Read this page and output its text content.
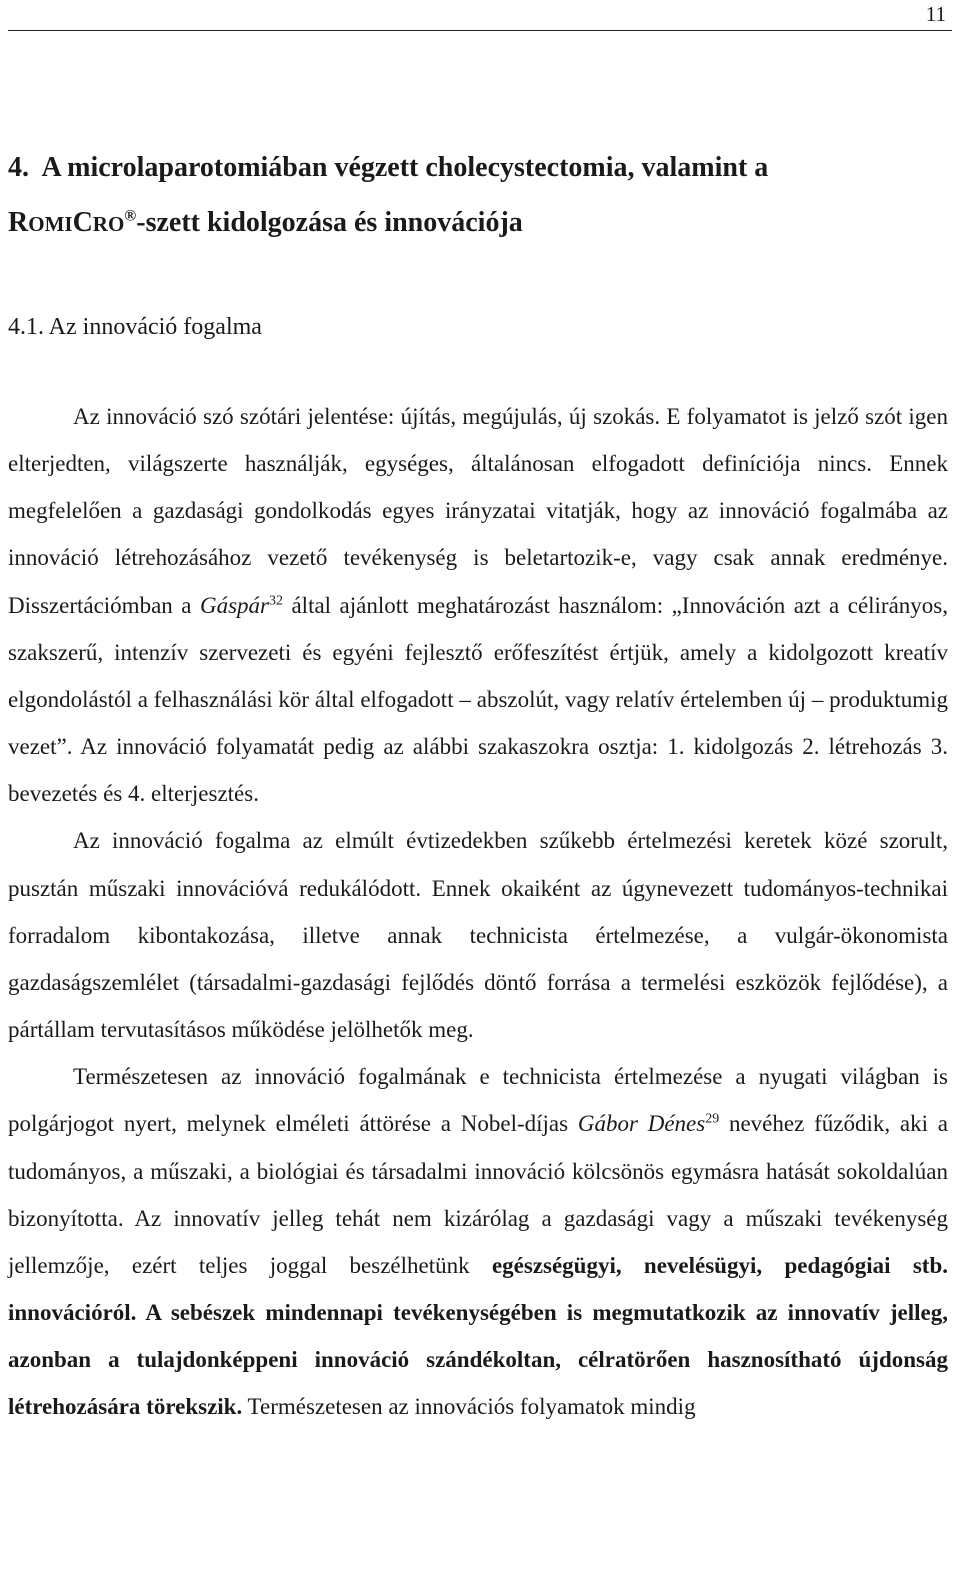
11
4. A microlaparotomiában végzett cholecystectomia, valamint a
ROMICRO®-szett kidolgozása és innovációja
4.1. Az innováció fogalma

Az innováció szó szótári jelentése: újítás, megújulás, új szokás. E folyamatot is jelző szót igen elterjedten, világszerte használják, egységes, általánosan elfogadott definíciója nincs. Ennek megfelelően a gazdasági gondolkodás egyes irányzatai vitatják, hogy az innováció fogalmába az innováció létrehozásához vezető tevékenység is beletartozik-e, vagy csak annak eredménye. Disszertációmban a Gáspár$^{32}$ által ajánlott meghatározást használom: „Innováción azt a célirányos, szakszerű, intenzív szervezeti és egyéni fejlesztő erőfeszítést értjük, amely a kidolgozott kreatív elgondolástól a felhasználási kör által elfogadott – abszolút, vagy relatív értelemben új – produktumig vezet”. Az innováció folyamatát pedig az alábbi szakaszokra osztja: 1. kidolgozás 2. létrehozás 3. bevezetés és 4. elterjesztés.

Az innováció fogalma az elmúlt évtizedekben szűkebb értelmezési keretek közé szorult, pusztán műszaki innovációvá redukálódott. Ennek okaiként az úgynevezett tudományos-technikai forradalom kibontakozása, illetve annak technicista értelmezése, a vulgár-ökonomista gazdaságszemlélet (társadalmi-gazdasági fejlődés döntő forrása a termelési eszközök fejlődése), a pártállam tervutasításos működése jelölhetők meg.

Természetesen az innováció fogalmának e technicista értelmezése a nyugati világban is polgárjogot nyert, melynek elméleti áttörése a Nobel-díjas Gábor Dénes$^{29}$ nevéhez fűződik, aki a tudományos, a műszaki, a biológiai és társadalmi innováció kölcsönös egymásra hatását sokoldalúan bizonyította. Az innovatív jelleg tehát nem kizárólag a gazdasági vagy a műszaki tevékenység jellemzője, ezért teljes joggal beszélhetünk egészségügyi, nevelésügyi, pedagógiai stb. innovációról. A sebészek mindennapi tevékenységében is megmutatkozik az innovatív jelleg, azonban a tulajdonképpeni innováció szándékoltan, célratörően hasznosítható újdonság létrehozására törekszik. Természetesen az innovációs folyamatok mindig
